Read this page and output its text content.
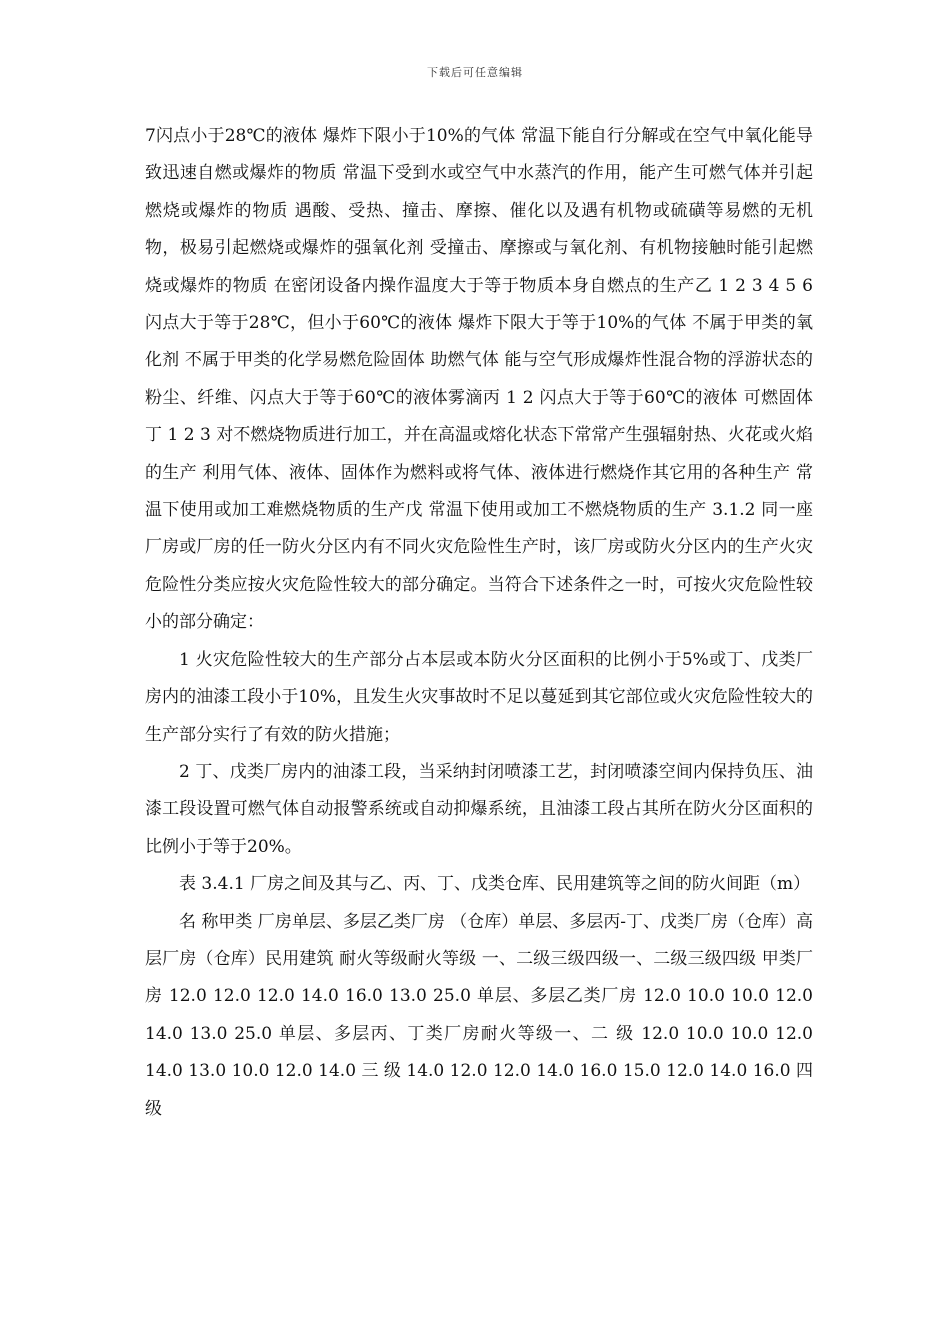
下载后可任意编辑

7闪点小于28℃的液体 爆炸下限小于10%的气体 常温下能自行分解或在空气中氧化能导致迅速自燃或爆炸的物质 常温下受到水或空气中水蒸汽的作用，能产生可燃气体并引起燃烧或爆炸的物质 遇酸、受热、撞击、摩擦、催化以及遇有机物或硫磺等易燃的无机物，极易引起燃烧或爆炸的强氧化剂 受撞击、摩擦或与氧化剂、有机物接触时能引起燃烧或爆炸的物质 在密闭设备内操作温度大于等于物质本身自燃点的生产乙 1 2 3 4 5 6 闪点大于等于28℃，但小于60℃的液体 爆炸下限大于等于10%的气体 不属于甲类的氧化剂 不属于甲类的化学易燃危险固体 助燃气体 能与空气形成爆炸性混合物的浮游状态的粉尘、纤维、闪点大于等于60℃的液体雾滴丙 1 2 闪点大于等于60℃的液体 可燃固体丁 1 2 3 对不燃烧物质进行加工，并在高温或熔化状态下常常产生强辐射热、火花或火焰的生产 利用气体、液体、固体作为燃料或将气体、液体进行燃烧作其它用的各种生产 常温下使用或加工难燃烧物质的生产戊 常温下使用或加工不燃烧物质的生产 3.1.2 同一座厂房或厂房的任一防火分区内有不同火灾危险性生产时，该厂房或防火分区内的生产火灾危险性分类应按火灾危险性较大的部分确定。当符合下述条件之一时，可按火灾危险性较小的部分确定：

1 火灾危险性较大的生产部分占本层或本防火分区面积的比例小于5%或丁、戊类厂房内的油漆工段小于10%，且发生火灾事故时不足以蔓延到其它部位或火灾危险性较大的生产部分实行了有效的防火措施；

2 丁、戊类厂房内的油漆工段，当采纳封闭喷漆工艺，封闭喷漆空间内保持负压、油漆工段设置可燃气体自动报警系统或自动抑爆系统，且油漆工段占其所在防火分区面积的比例小于等于20%。

表 3.4.1 厂房之间及其与乙、丙、丁、戊类仓库、民用建筑等之间的防火间距（m）

名 称甲类 厂房单层、多层乙类厂房 （仓库）单层、多层丙-丁、戊类厂房（仓库）高层厂房（仓库）民用建筑 耐火等级耐火等级 一、二级三级四级一、二级三级四级 甲类厂房 12.0 12.0 12.0 14.0 16.0 13.0 25.0 单层、多层乙类厂房 12.0 10.0 10.0 12.0 14.0 13.0 25.0 单层、多层丙、丁类厂房耐火等级一、二 级 12.0 10.0 10.0 12.0 14.0 13.0 10.0 12.0 14.0 三 级 14.0 12.0 12.0 14.0 16.0 15.0 12.0 14.0 16.0 四 级
